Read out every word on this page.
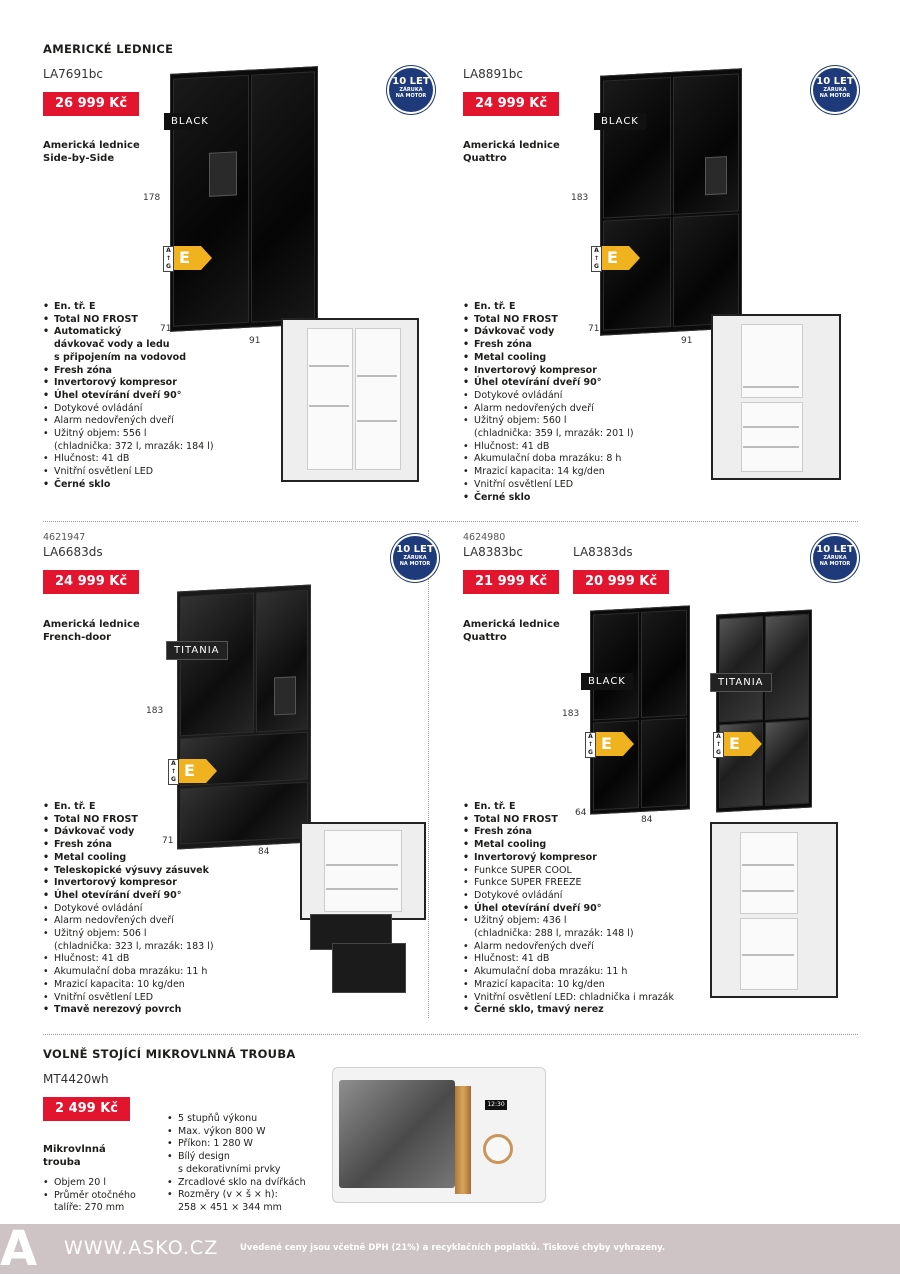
AMERICKÉ LEDNICE
LA7691bc
26 999 Kč
Americká lednice
Side-by-Side
10 LET
ZÁRUKA
NA MOTOR
BLACK
178
71
91
A
↑
G E
• En. tř. E
• Total NO FROST
• Automatický
dávkovač vody a ledu
s připojením na vodovod
• Fresh zóna
• Invertorový kompresor
• Úhel otevírání dveří 90°
• Dotykové ovládání
• Alarm nedovřených dveří
• Užitný objem: 556 l
(chladnička: 372 l, mrazák: 184 l)
• Hlučnost: 41 dB
• Vnitřní osvětlení LED
• Černé sklo
LA8891bc
24 999 Kč
Americká lednice
Quattro
10 LET
ZÁRUKA
NA MOTOR
BLACK
183
71
91
A
↑
G E
• En. tř. E
• Total NO FROST
• Dávkovač vody
• Fresh zóna
• Metal cooling
• Invertorový kompresor
• Úhel otevírání dveří 90°
• Dotykové ovládání
• Alarm nedovřených dveří
• Užitný objem: 560 l
(chladnička: 359 l, mrazák: 201 l)
• Hlučnost: 41 dB
• Akumulační doba mrazáku: 8 h
• Mrazicí kapacita: 14 kg/den
• Vnitřní osvětlení LED
• Černé sklo
4621947
LA6683ds
24 999 Kč
Americká lednice
French-door
10 LET
ZÁRUKA
NA MOTOR
TITANIA
183
71
84
A
↑
G E
• En. tř. E
• Total NO FROST
• Dávkovač vody
• Fresh zóna
• Metal cooling
• Teleskopické výsuvy zásuvek
• Invertorový kompresor
• Úhel otevírání dveří 90°
• Dotykové ovládání
• Alarm nedovřených dveří
• Užitný objem: 506 l
(chladnička: 323 l, mrazák: 183 l)
• Hlučnost: 41 dB
• Akumulační doba mrazáku: 11 h
• Mrazicí kapacita: 10 kg/den
• Vnitřní osvětlení LED
• Tmavě nerezový povrch
4624980
LA8383bc	LA8383ds
21 999 Kč	20 999 Kč
Americká lednice
Quattro
10 LET
ZÁRUKA
NA MOTOR
BLACK	TITANIA
183
64
84
A
↑
G E	A
↑
G E
• En. tř. E
• Total NO FROST
• Fresh zóna
• Metal cooling
• Invertorový kompresor
• Funkce SUPER COOL
• Funkce SUPER FREEZE
• Dotykové ovládání
• Úhel otevírání dveří 90°
• Užitný objem: 436 l
(chladnička: 288 l, mrazák: 148 l)
• Alarm nedovřených dveří
• Hlučnost: 41 dB
• Akumulační doba mrazáku: 11 h
• Mrazicí kapacita: 10 kg/den
• Vnitřní osvětlení LED: chladnička i mrazák
• Černé sklo, tmavý nerez
VOLNĚ STOJÍCÍ MIKROVLNNÁ TROUBA
MT4420wh
2 499 Kč
Mikrovlnná
trouba
• Objem 20 l
• Průměr otočného
talíře: 270 mm
• 5 stupňů výkonu
• Max. výkon 800 W
• Příkon: 1 280 W
• Bílý design
s dekorativními prvky
• Zrcadlové sklo na dvířkách
• Rozměry (v × š × h):
258 × 451 × 344 mm
12:30
A WWW.ASKO.CZ	Uvedené ceny jsou včetně DPH (21%) a recyklačních poplatků. Tiskové chyby vyhrazeny.
